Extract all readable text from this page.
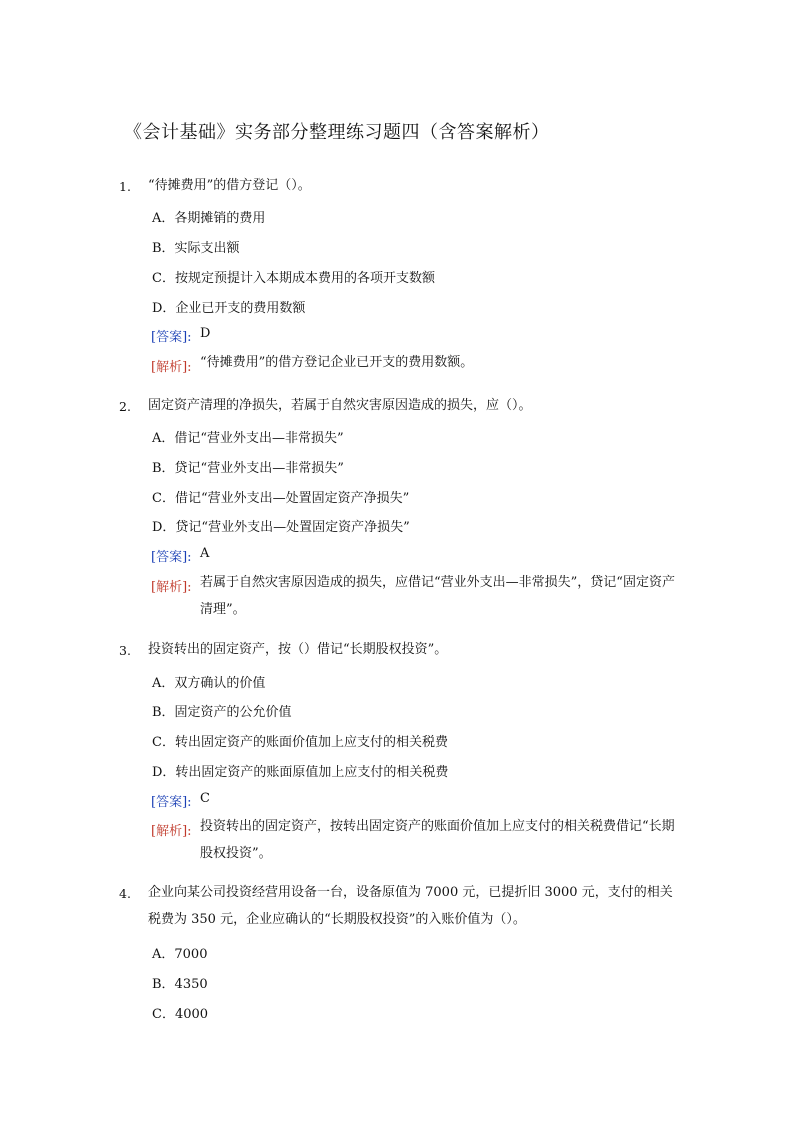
《会计基础》实务部分整理练习题四（含答案解析）
1. “待摊费用”的借方登记（）。
A．各期摊销的费用
B．实际支出额
C．按规定预提计入本期成本费用的各项开支数额
D．企业已开支的费用数额
[答案]: D
[解析]: “待摊费用”的借方登记企业已开支的费用数额。
2. 固定资产清理的净损失，若属于自然灾害原因造成的损失，应（）。
A．借记“营业外支出—非常损失”
B．贷记“营业外支出—非常损失”
C．借记“营业外支出—处置固定资产净损失”
D．贷记“营业外支出—处置固定资产净损失”
[答案]: A
[解析]: 若属于自然灾害原因造成的损失，应借记“营业外支出—非常损失”，贷记“固定资产清理”。
3. 投资转出的固定资产，按（）借记“长期股权投资”。
A．双方确认的价值
B．固定资产的公允价值
C．转出固定资产的账面价值加上应支付的相关税费
D．转出固定资产的账面原值加上应支付的相关税费
[答案]: C
[解析]: 投资转出的固定资产，按转出固定资产的账面价值加上应支付的相关税费借记“长期股权投资”。
4. 企业向某公司投资经营用设备一台，设备原值为 7000 元，已提折旧 3000 元，支付的相关税费为 350 元，企业应确认的“长期股权投资”的入账价值为（）。
A．7000
B．4350
C．4000
